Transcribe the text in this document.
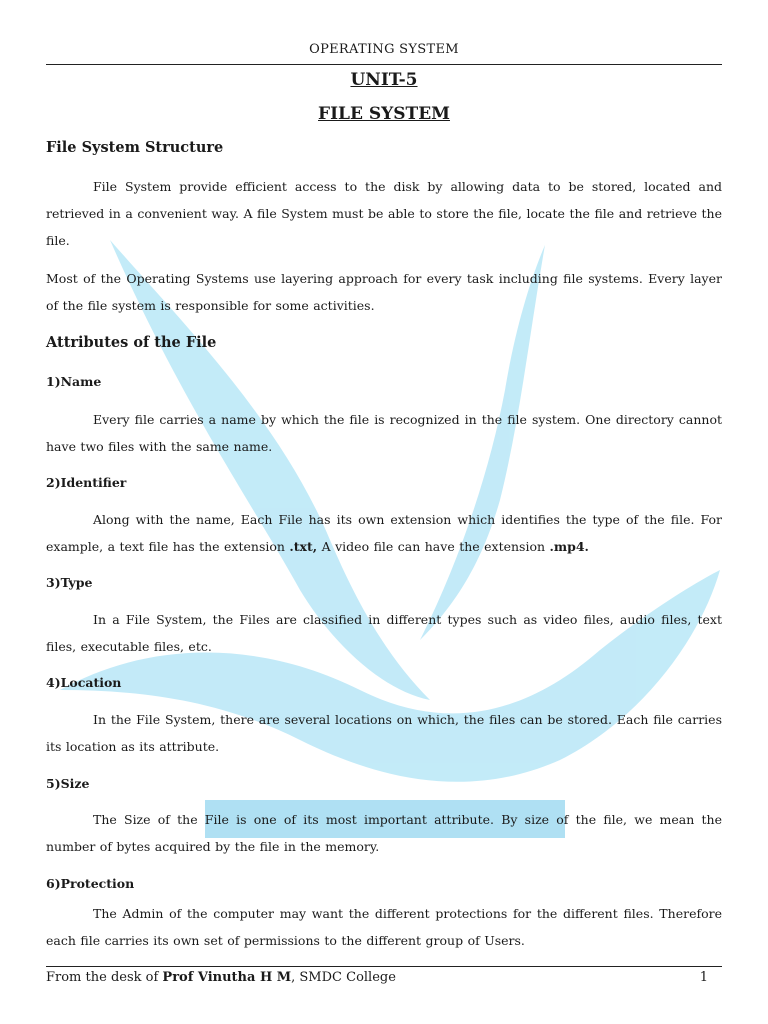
OPERATING SYSTEM
UNIT-5
FILE SYSTEM
File System Structure
File System provide efficient access to the disk by allowing data to be stored, located and retrieved in a convenient way. A file System must be able to store the file, locate the file and retrieve the file.
Most of the Operating Systems use layering approach for every task including file systems. Every layer of the file system is responsible for some activities.
Attributes of the File
1)Name
Every file carries a name by which the file is recognized in the file system. One directory cannot have two files with the same name.
2)Identifier
Along with the name, Each File has its own extension which identifies the type of the file. For example, a text file has the extension .txt, A video file can have the extension .mp4.
3)Type
In a File System, the Files are classified in different types such as video files, audio files, text files, executable files, etc.
4)Location
In the File System, there are several locations on which, the files can be stored. Each file carries its location as its attribute.
5)Size
The Size of the File is one of its most important attribute. By size of the file, we mean the number of bytes acquired by the file in the memory.
6)Protection
The Admin of the computer may want the different protections for the different files. Therefore each file carries its own set of permissions to the different group of Users.
From the desk of Prof Vinutha H M, SMDC College	1
